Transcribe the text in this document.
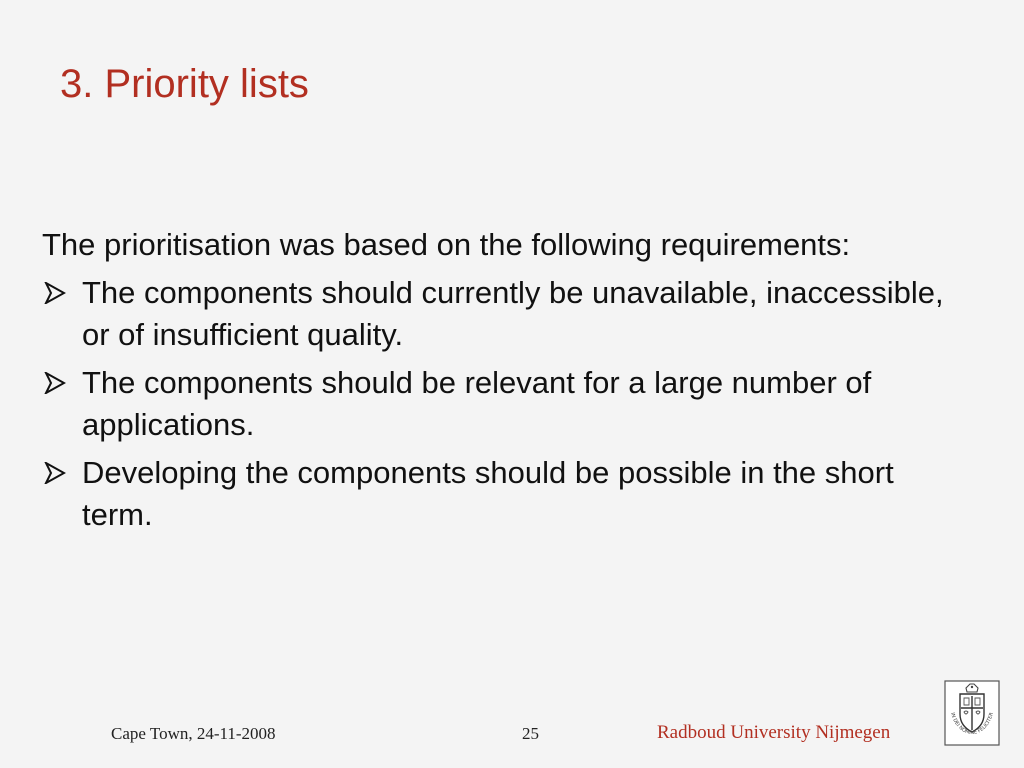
3. Priority lists

The prioritisation was based on the following requirements:

The components should currently be unavailable, inaccessible, or of insufficient quality.
The components should be relevant for a large number of applications.
Developing the components should be possible in the short term.
Cape Town, 24-11-2008	25	Radboud University Nijmegen
IN DEI NOMINE FELICITER
